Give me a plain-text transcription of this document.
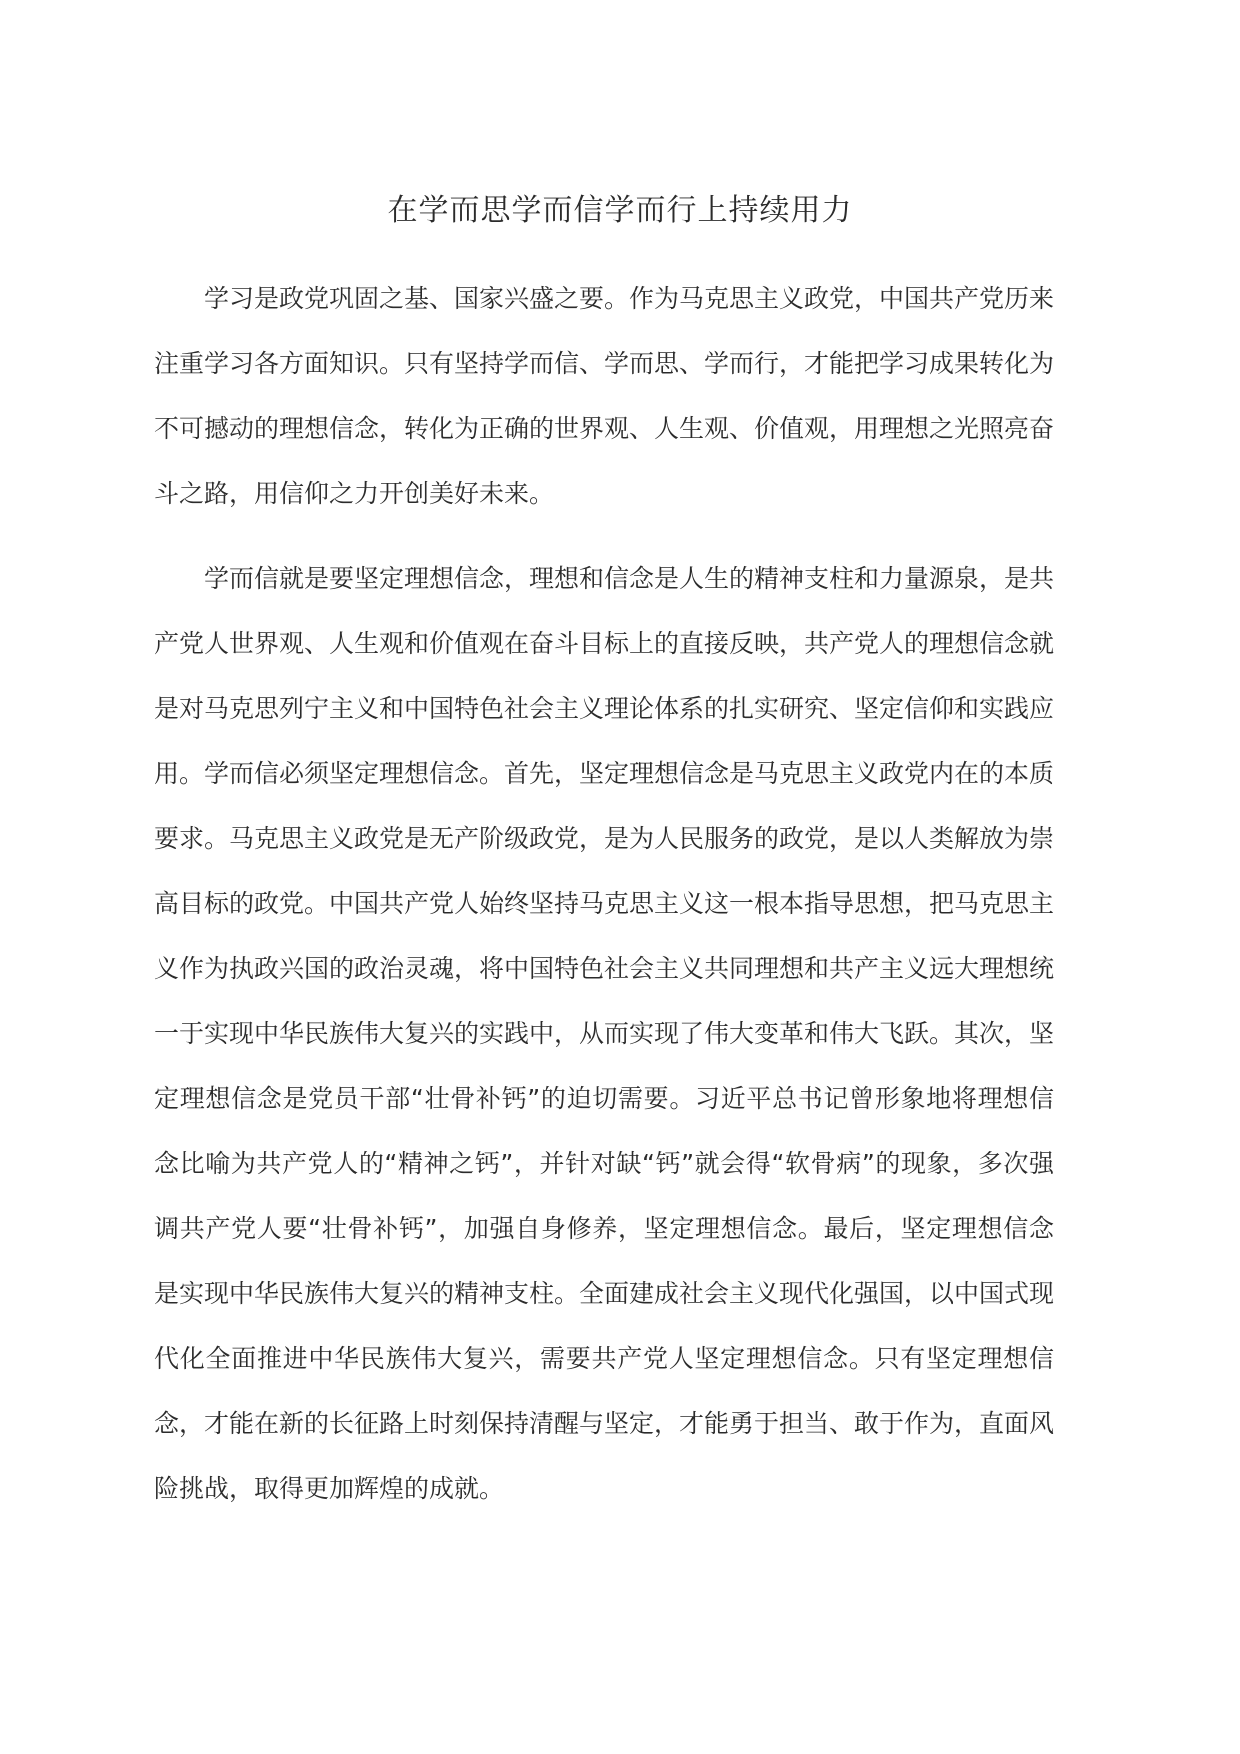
在学而思学而信学而行上持续用力

学习是政党巩固之基、国家兴盛之要。作为马克思主义政党，中国共产党历来注重学习各方面知识。只有坚持学而信、学而思、学而行，才能把学习成果转化为不可撼动的理想信念，转化为正确的世界观、人生观、价值观，用理想之光照亮奋斗之路，用信仰之力开创美好未来。

学而信就是要坚定理想信念，理想和信念是人生的精神支柱和力量源泉，是共产党人世界观、人生观和价值观在奋斗目标上的直接反映，共产党人的理想信念就是对马克思列宁主义和中国特色社会主义理论体系的扎实研究、坚定信仰和实践应用。学而信必须坚定理想信念。首先，坚定理想信念是马克思主义政党内在的本质要求。马克思主义政党是无产阶级政党，是为人民服务的政党，是以人类解放为崇高目标的政党。中国共产党人始终坚持马克思主义这一根本指导思想，把马克思主义作为执政兴国的政治灵魂，将中国特色社会主义共同理想和共产主义远大理想统一于实现中华民族伟大复兴的实践中，从而实现了伟大变革和伟大飞跃。其次，坚定理想信念是党员干部“壮骨补钙”的迫切需要。习近平总书记曾形象地将理想信念比喻为共产党人的“精神之钙”，并针对缺“钙”就会得“软骨病”的现象，多次强调共产党人要“壮骨补钙”，加强自身修养，坚定理想信念。最后，坚定理想信念是实现中华民族伟大复兴的精神支柱。全面建成社会主义现代化强国，以中国式现代化全面推进中华民族伟大复兴，需要共产党人坚定理想信念。只有坚定理想信念，才能在新的长征路上时刻保持清醒与坚定，才能勇于担当、敢于作为，直面风险挑战，取得更加辉煌的成就。
